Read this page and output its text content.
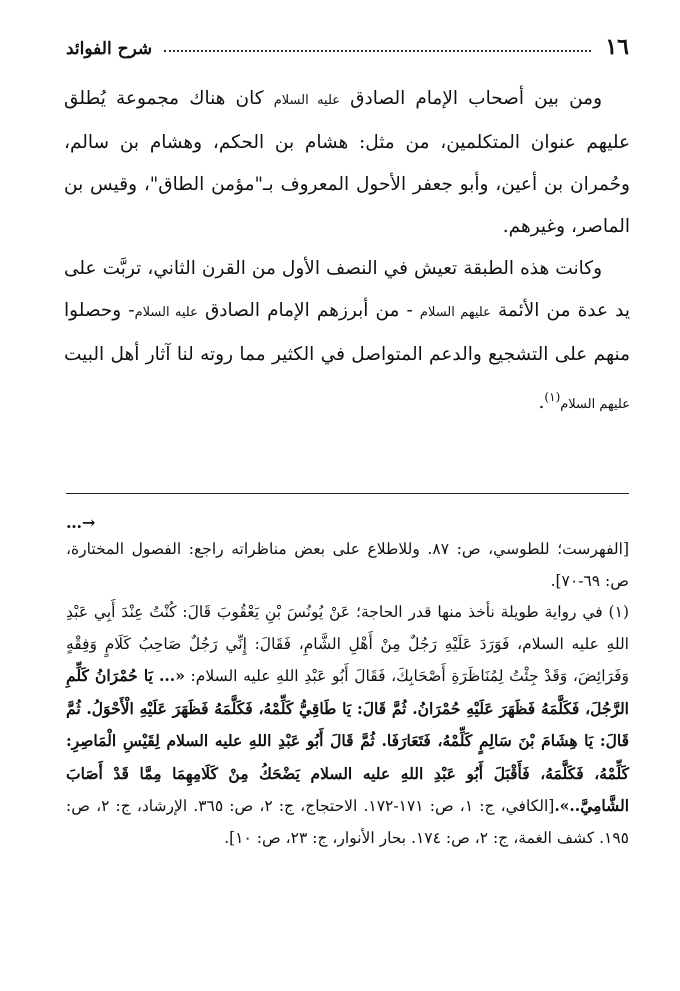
١٦
شرح الفوائد

ومن بين أصحاب الإمام الصادق عليه السلام كان هناك مجموعة يُطلق عليهم عنوان المتكلمين، من مثل: هشام بن الحكم، وهشام بن سالم، وحُمران بن أعين، وأبو جعفر الأحول المعروف بـ"مؤمن الطاق"، وقيس بن الماصر، وغيرهم.

وكانت هذه الطبقة تعيش في النصف الأول من القرن الثاني، تربَّت على يد عدة من الأئمة عليهم السلام - من أبرزهم الإمام الصادق عليه السلام- وحصلوا منهم على التشجيع والدعم المتواصل في الكثير مما روته لنا آثار أهل البيت عليهم السلام$^{(١)}$.

…→

[الفهرست؛ للطوسي، ص: ٨٧. وللاطلاع على بعض مناظراته راجع: الفصول المختارة، ص: ٦٩-٧٠].

(١) في رواية طويلة نأخذ منها قدر الحاجة؛ عَنْ يُونُسَ بْنِ يَعْقُوبَ قَالَ: كُنْتُ عِنْدَ أَبِي عَبْدِ اللهِ عليه السلام، فَوَرَدَ عَلَيْهِ رَجُلٌ مِنْ أَهْلِ الشَّامِ، فَقَالَ: إِنِّي رَجُلٌ صَاحِبُ كَلَامٍ وَفِقْهٍ وَفَرَائِضَ، وَقَدْ جِئْتُ لِمُنَاظَرَةِ أَصْحَابِكَ، فَقَالَ أَبُو عَبْدِ اللهِ عليه السلام: «... يَا حُمْرَانُ كَلِّمِ الرَّجُلَ، فَكَلَّمَهُ فَظَهَرَ عَلَيْهِ حُمْرَانُ. ثُمَّ قَالَ: يَا طَاقِيُّ كَلِّمْهُ، فَكَلَّمَهُ فَظَهَرَ عَلَيْهِ الْأَحْوَلُ. ثُمَّ قَالَ: يَا هِشَامَ بْنَ سَالِمٍ كَلِّمْهُ، فَتَعَارَفَا. ثُمَّ قَالَ أَبُو عَبْدِ اللهِ عليه السلام لِقَيْسِ الْمَاصِرِ: كَلِّمْهُ، فَكَلَّمَهُ، فَأَقْبَلَ أَبُو عَبْدِ اللهِ عليه السلام يَضْحَكُ مِنْ كَلَامِهِمَا مِمَّا قَدْ أَصَابَ الشَّامِيَّ..».[الكافي، ج: ١، ص: ١٧١-١٧٢. الاحتجاج، ج: ٢، ص: ٣٦٥. الإرشاد، ج: ٢، ص: ١٩٥. كشف الغمة، ج: ٢، ص: ١٧٤. بحار الأنوار، ج: ٢٣، ص: ١٠].
